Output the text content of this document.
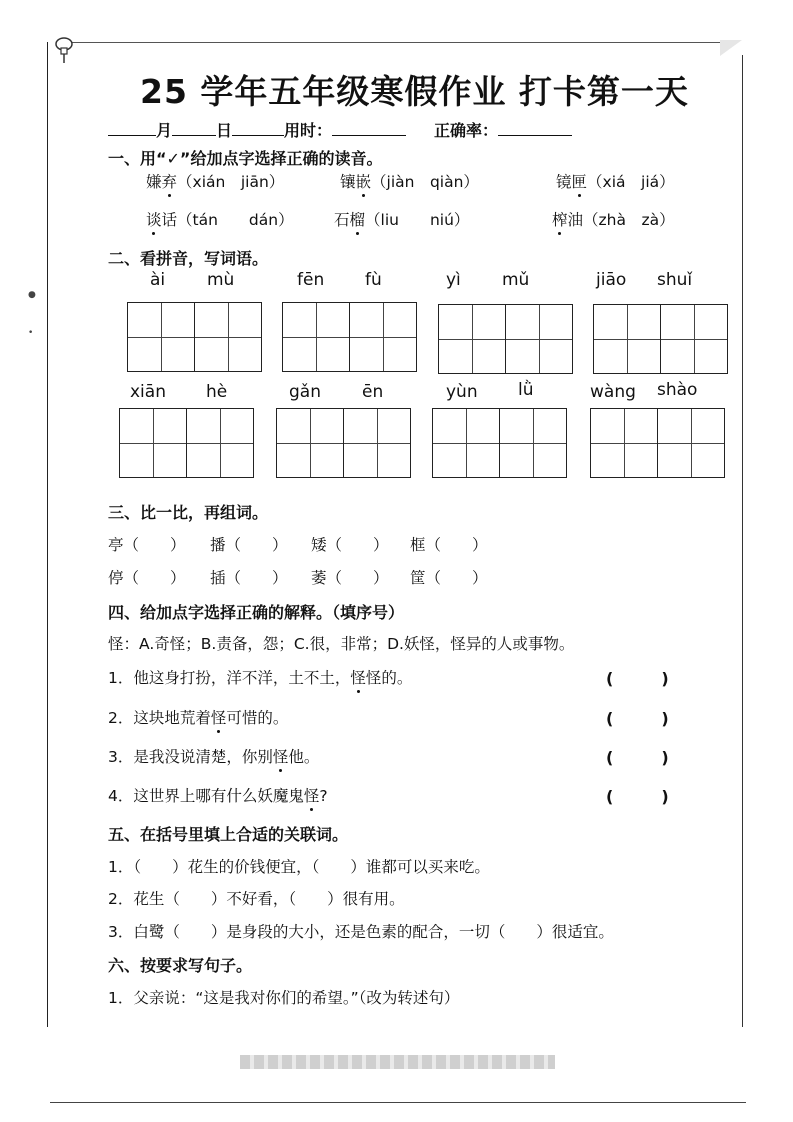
●
•
25 学年五年级寒假作业 打卡第一天
月	日	用时：	正确率：
一、用“✓”给加点字选择正确的读音。
嫌弃（xián　jiān）	镶嵌（jiàn　qiàn）	镜匣（xiá　jiá）
谈话（tán　　dán）	石榴（liu　　niú）	榨油（zhà　zà）
二、看拼音，写词语。
ài mù	fēn fù	yì mǔ	jiāo shuǐ
xiān hè	gǎn ēn	yùn lǜ	wàng shào
三、比一比，再组词。
亭（　　） 播（　　） 矮（　　） 框（　　）
停（　　） 插（　　） 萎（　　） 筐（　　）
四、给加点字选择正确的解释。（填序号）
怪：A.奇怪；B.责备，怨；C.很，非常；D.妖怪，怪异的人或事物。
1．他这身打扮，洋不洋，土不土，怪怪的。	(　　　)
2．这块地荒着怪可惜的。	(　　　)
3．是我没说清楚，你别怪他。	(　　　)
4．这世界上哪有什么妖魔鬼怪?	(　　　)
五、在括号里填上合适的关联词。
1．（　　）花生的价钱便宜，（　　）谁都可以买来吃。
2．花生（　　）不好看，（　　）很有用。
3．白鹭（　　）是身段的大小，还是色素的配合，一切（　　）很适宜。
六、按要求写句子。
1．父亲说：“这是我对你们的希望。”（改为转述句）
